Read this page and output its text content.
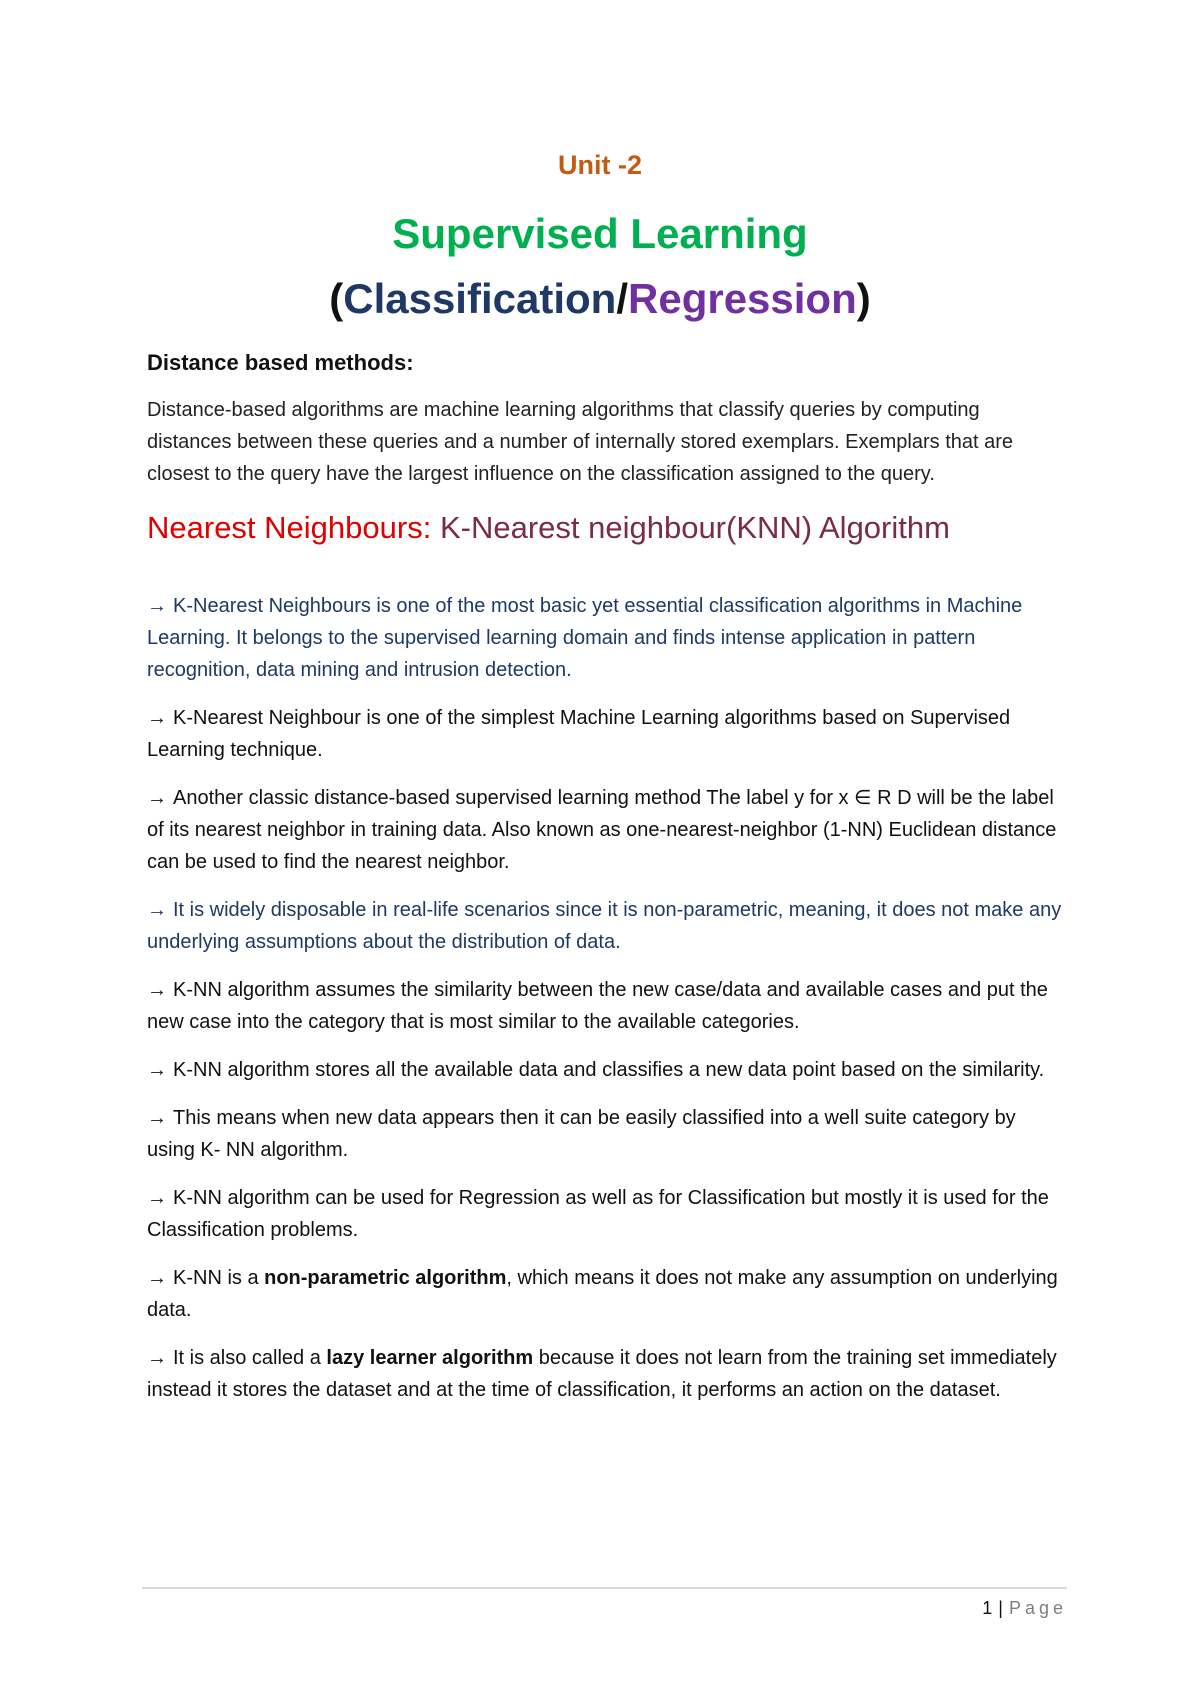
Unit -2
Supervised Learning
(Classification/Regression)
Distance based methods:

Distance-based algorithms are machine learning algorithms that classify queries by computing distances between these queries and a number of internally stored exemplars. Exemplars that are closest to the query have the largest influence on the classification assigned to the query.

Nearest Neighbours: K-Nearest neighbour(KNN) Algorithm

→ K-Nearest Neighbours is one of the most basic yet essential classification algorithms in Machine Learning. It belongs to the supervised learning domain and finds intense application in pattern recognition, data mining and intrusion detection.

→ K-Nearest Neighbour is one of the simplest Machine Learning algorithms based on Supervised Learning technique.

→ Another classic distance-based supervised learning method The label y for x ∈ R D will be the label of its nearest neighbor in training data. Also known as one-nearest-neighbor (1-NN) Euclidean distance can be used to find the nearest neighbor.

→ It is widely disposable in real-life scenarios since it is non-parametric, meaning, it does not make any underlying assumptions about the distribution of data.

→ K-NN algorithm assumes the similarity between the new case/data and available cases and put the new case into the category that is most similar to the available categories.

→ K-NN algorithm stores all the available data and classifies a new data point based on the similarity.

→ This means when new data appears then it can be easily classified into a well suite category by using K- NN algorithm.

→ K-NN algorithm can be used for Regression as well as for Classification but mostly it is used for the Classification problems.

→ K-NN is a non-parametric algorithm, which means it does not make any assumption on underlying data.

→ It is also called a lazy learner algorithm because it does not learn from the training set immediately instead it stores the dataset and at the time of classification, it performs an action on the dataset.

1 | Page
